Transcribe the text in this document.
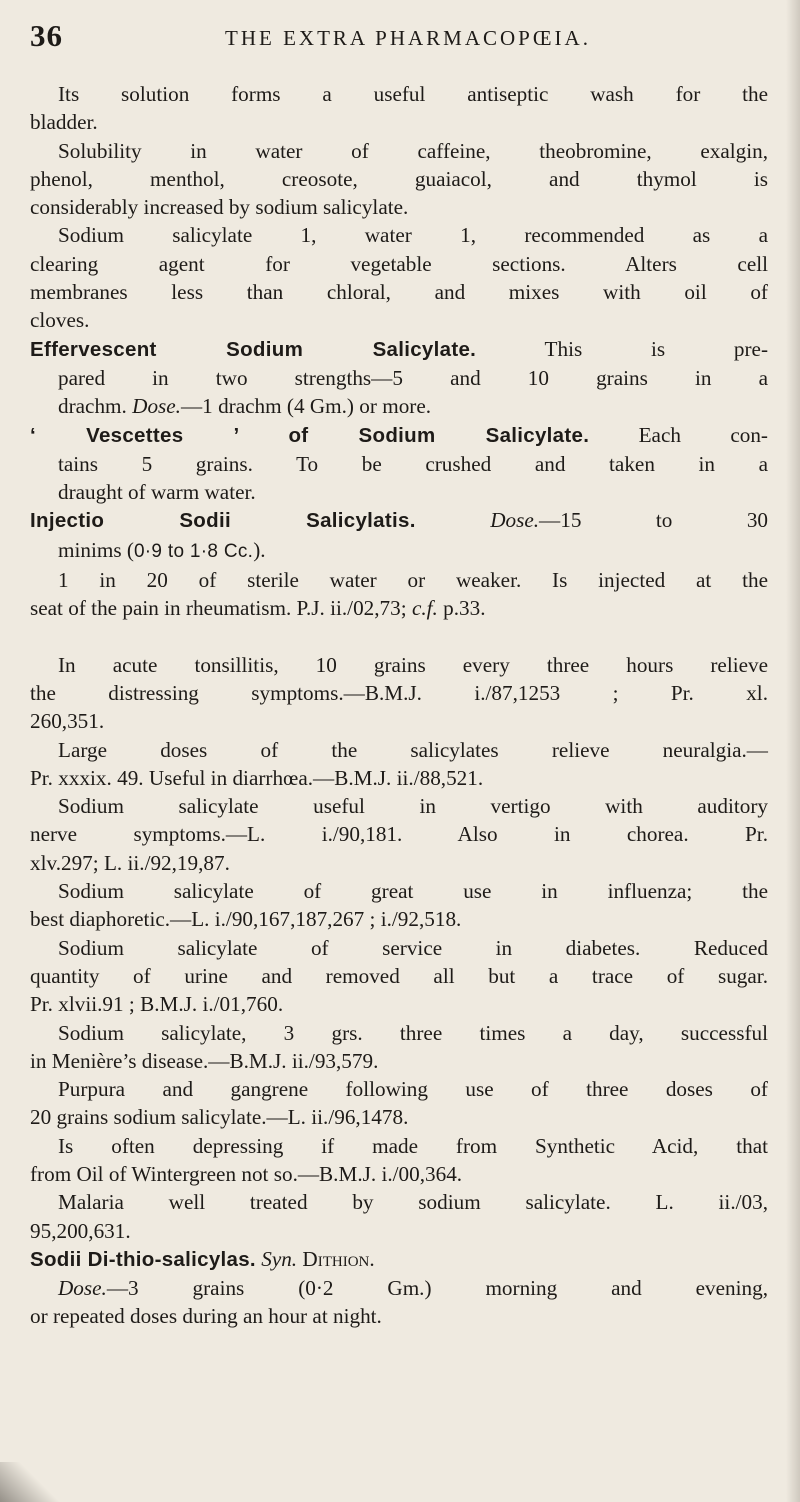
36	THE EXTRA PHARMACOPŒIA.

Its solution forms a useful antiseptic wash for the
bladder.

Solubility in water of caffeine, theobromine, exalgin,
phenol, menthol, creosote, guaiacol, and thymol is
considerably increased by sodium salicylate.

Sodium salicylate 1, water 1, recommended as a
clearing agent for vegetable sections. Alters cell
membranes less than chloral, and mixes with oil of
cloves.

Effervescent Sodium Salicylate. This is pre-
pared in two strengths—5 and 10 grains in a
drachm. Dose.—1 drachm (4 Gm.) or more.

‘ Vescettes ’ of Sodium Salicylate. Each con-
tains 5 grains. To be crushed and taken in a
draught of warm water.

Injectio Sodii Salicylatis.	Dose.—15 to 30
minims (0·9 to 1·8 Cc.).
1 in 20 of sterile water or weaker. Is injected at the
seat of the pain in rheumatism. P.J. ii./02,73; c.f. p.33.

In acute tonsillitis, 10 grains every three hours relieve
the distressing symptoms.—B.M.J. i./87,1253 ; Pr. xl.
260,351.

Large doses of the salicylates relieve neuralgia.—
Pr. xxxix. 49. Useful in diarrhœa.—B.M.J. ii./88,521.

Sodium salicylate useful in vertigo with auditory
nerve symptoms.—L. i./90,181. Also in chorea. Pr.
xlv.297; L. ii./92,19,87.

Sodium salicylate of great use in influenza; the
best diaphoretic.—L. i./90,167,187,267 ; i./92,518.

Sodium salicylate of service in diabetes. Reduced
quantity of urine and removed all but a trace of sugar.
Pr. xlvii.91 ; B.M.J. i./01,760.

Sodium salicylate, 3 grs. three times a day, successful
in Menière’s disease.—B.M.J. ii./93,579.

Purpura and gangrene following use of three doses of
20 grains sodium salicylate.—L. ii./96,1478.

Is often depressing if made from Synthetic Acid, that
from Oil of Wintergreen not so.—B.M.J. i./00,364.

Malaria well treated by sodium salicylate. L. ii./03,
95,200,631.

Sodii Di-thio-salicylas. Syn. Dithion.
Dose.—3 grains (0·2 Gm.) morning and evening,
or repeated doses during an hour at night.
